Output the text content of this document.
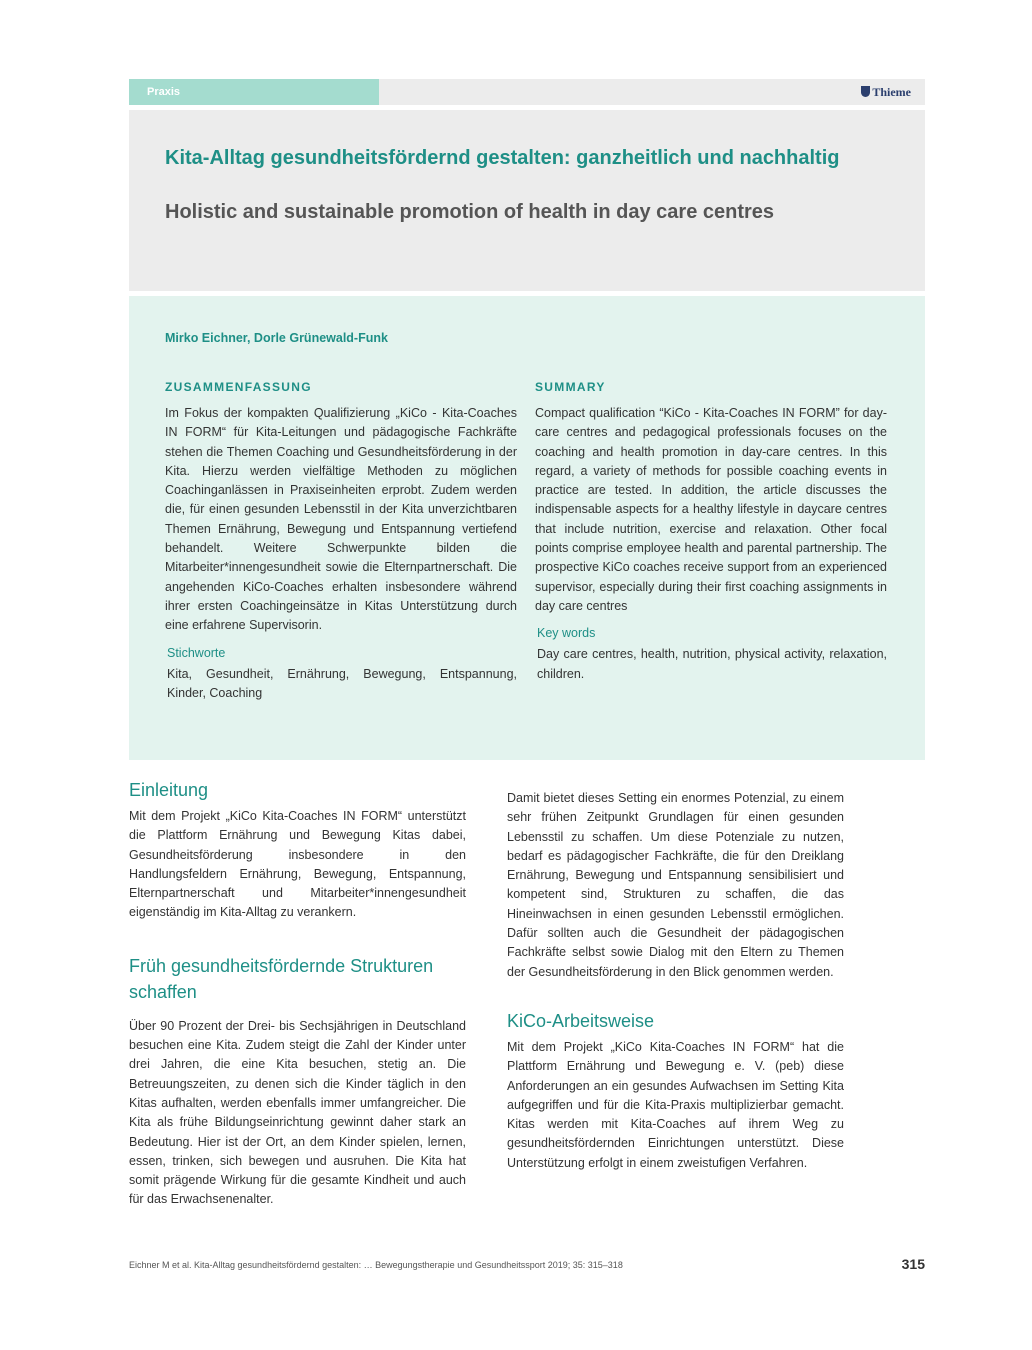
Praxis	Thieme
Kita-Alltag gesundheitsfördernd gestalten: ganzheitlich und nachhaltig
Holistic and sustainable promotion of health in day care centres
Mirko Eichner, Dorle Grünewald-Funk
ZUSAMMENFASSUNG

Im Fokus der kompakten Qualifizierung „KiCo - Kita-Coaches IN FORM“ für Kita-Leitungen und pädagogische Fachkräfte stehen die Themen Coaching und Gesundheitsförderung in der Kita. Hierzu werden vielfältige Methoden zu möglichen Coachinganlässen in Praxiseinheiten erprobt. Zudem werden die, für einen gesunden Lebensstil in der Kita unverzichtbaren Themen Ernährung, Bewegung und Entspannung vertiefend behandelt. Weitere Schwerpunkte bilden die Mitarbeiter*innengesundheit sowie die Elternpartnerschaft. Die angehenden KiCo-Coaches erhalten insbesondere während ihrer ersten Coachingeinsätze in Kitas Unterstützung durch eine erfahrene Supervisorin.

Stichworte

Kita, Gesundheit, Ernährung, Bewegung, Entspannung, Kinder, Coaching

SUMMARY

Compact qualification “KiCo - Kita-Coaches IN FORM” for day-care centres and pedagogical professionals focuses on the coaching and health promotion in day-care centres. In this regard, a variety of methods for possible coaching events in practice are tested. In addition, the article discusses the indispensable aspects for a healthy lifestyle in daycare centres that include nutrition, exercise and relaxation. Other focal points comprise employee health and parental partnership. The prospective KiCo coaches receive support from an experienced supervisor, especially during their first coaching assignments in day care centres

Key words

Day care centres, health, nutrition, physical activity, relaxation, children.

Einleitung

Mit dem Projekt „KiCo Kita-Coaches IN FORM“ unterstützt die Plattform Ernährung und Bewegung Kitas dabei, Gesundheitsförderung insbesondere in den Handlungsfeldern Ernährung, Bewegung, Entspannung, Elternpartnerschaft und Mitarbeiter*innengesundheit eigenständig im Kita-Alltag zu verankern.

Früh gesundheitsfördernde Strukturen schaffen

Über 90 Prozent der Drei- bis Sechsjährigen in Deutschland besuchen eine Kita. Zudem steigt die Zahl der Kinder unter drei Jahren, die eine Kita besuchen, stetig an. Die Betreuungszeiten, zu denen sich die Kinder täglich in den Kitas aufhalten, werden ebenfalls immer umfangreicher. Die Kita als frühe Bildungseinrichtung gewinnt daher stark an Bedeutung. Hier ist der Ort, an dem Kinder spielen, lernen, essen, trinken, sich bewegen und ausruhen. Die Kita hat somit prägende Wirkung für die gesamte Kindheit und auch für das Erwachsenenalter.

Damit bietet dieses Setting ein enormes Potenzial, zu einem sehr frühen Zeitpunkt Grundlagen für einen gesunden Lebensstil zu schaffen. Um diese Potenziale zu nutzen, bedarf es pädagogischer Fachkräfte, die für den Dreiklang Ernährung, Bewegung und Entspannung sensibilisiert und kompetent sind, Strukturen zu schaffen, die das Hineinwachsen in einen gesunden Lebensstil ermöglichen. Dafür sollten auch die Gesundheit der pädagogischen Fachkräfte selbst sowie Dialog mit den Eltern zu Themen der Gesundheitsförderung in den Blick genommen werden.

KiCo-Arbeitsweise

Mit dem Projekt „KiCo Kita-Coaches IN FORM“ hat die Plattform Ernährung und Bewegung e. V. (peb) diese Anforderungen an ein gesundes Aufwachsen im Setting Kita aufgegriffen und für die Kita-Praxis multiplizierbar gemacht. Kitas werden mit Kita-Coaches auf ihrem Weg zu gesundheitsfördernden Einrichtungen unterstützt. Diese Unterstützung erfolgt in einem zweistufigen Verfahren.

Eichner M et al. Kita-Alltag gesundheitsfördernd gestalten: … Bewegungstherapie und Gesundheitssport 2019; 35: 315–318	315
